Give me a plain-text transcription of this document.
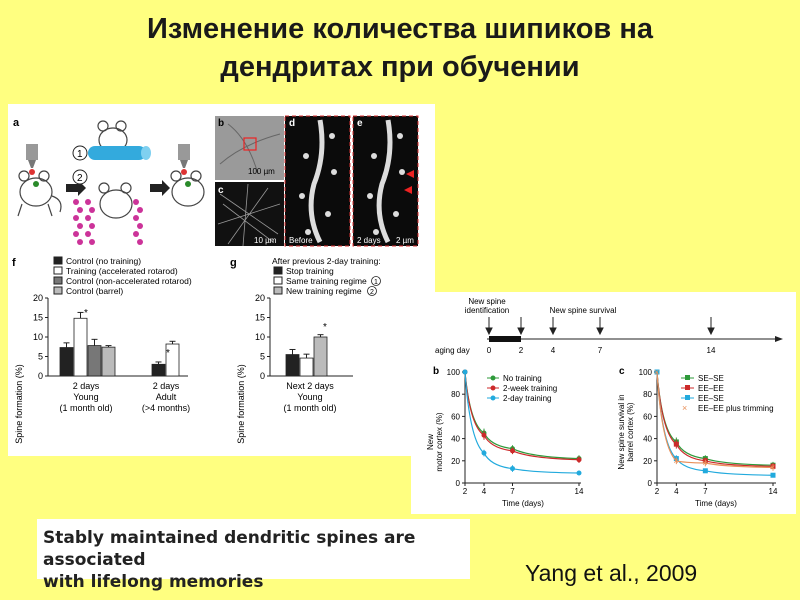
Изменение количества шипиков на
дендритах при обучении
a
1
2
b
100 µm
c
10 µm
d
Before
e
2 days 2 µm
f	Control (no training)
Training (accelerated rotarod)
Control (non-accelerated rotarod)
Control (barrel)
Spine formation (%) 0
5
10
15
20
*
*
2 days
Young
(1 month old)
2 days
Adult
(>4 months)
g	After previous 2-day training:
Stop training
Same training regime 1
New training regime 2
Spine formation (%) 0
5
10
15
20
*
Next 2 days
Young
(1 month old)
New spine
identification	New spine survival
aging day 0	2	4	7	14
b
New motor cortex (%)
0
20
40
60
80
100
2 4	7	14
No training
2-week training
2-day training
Time (days)
c
New spine survival in barrel cortex (%)
0
20
40
60
80
100
2 4	7	14
×
×	×	×
SE–SE
EE–EE
EE–SE
× EE–EE plus trimming
Time (days)
Stably maintained dendritic spines are associated
with lifelong memories	Yang et al., 2009
